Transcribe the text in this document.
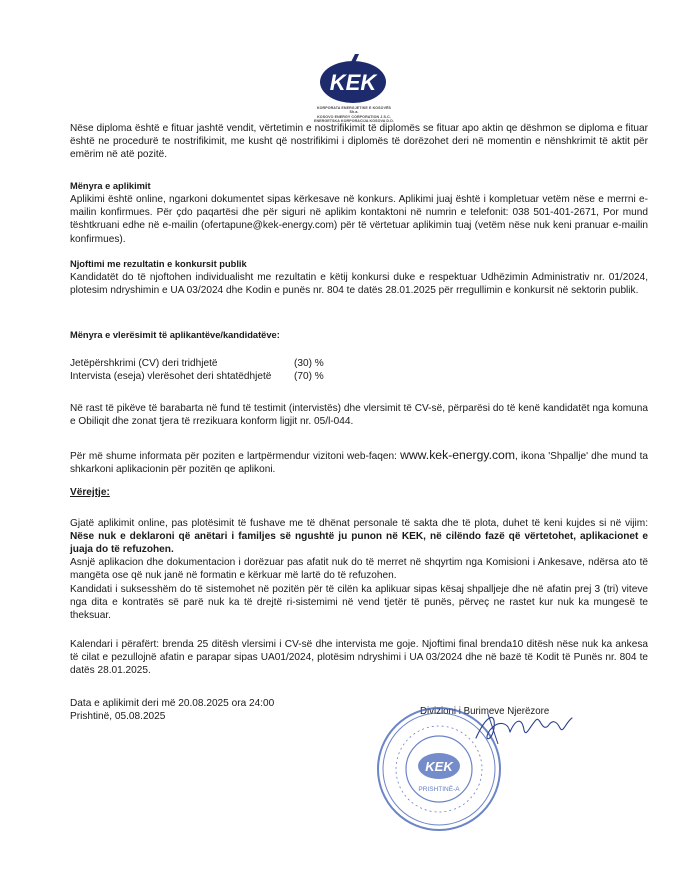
KEK
KORPORATA ENERGJETIKE E KOSOVËS Sh.a.
KOSOVO ENERGY CORPORATION J.S.C.
ENERGETSKA KORPORACIJA KOSOVA D.D.

Nëse diploma është e fituar jashtë vendit, vërtetimin e nostrifikimit të diplomës se fituar apo aktin qe dëshmon se diploma e fituar është ne procedurë te nostrifikimit, me kusht që nostrifikimi i diplomës të dorëzohet deri në momentin e nënshkrimit të aktit për emërim në atë pozitë.

Mënyra e aplikimit

Aplikimi është online, ngarkoni dokumentet sipas kërkesave në konkurs. Aplikimi juaj është i kompletuar vetëm nëse e merrni e-mailin konfirmues. Për çdo paqartësi dhe për siguri në aplikim kontaktoni në numrin e telefonit: 038 501-401-2671, Por mund tështkruani edhe në e-mailin (ofertapune@kek-energy.com) për të vërtetuar aplikimin tuaj (vetëm nëse nuk keni pranuar e-mailin konfirmues).

Njoftimi me rezultatin e konkursit publik

Kandidatët do të njoftohen individualisht me rezultatin e këtij konkursi duke e respektuar Udhëzimin Administrativ nr. 01/2024, plotesim ndryshimin e UA 03/2024 dhe Kodin e punës nr. 804 te datës 28.01.2025 për rregullimin e konkursit në sektorin publik.

Mënyra e vlerësimit të aplikantëve/kandidatëve:

Jetëpërshkrimi (CV) deri tridhjetë	(30) %
Intervista (eseja) vlerësohet deri shtatëdhjetë (70) %

Në rast të pikëve të barabarta në fund të testimit (intervistës) dhe vlersimit të CV-së, përparësi do të kenë kandidatët nga komuna e Obiliqit dhe zonat tjera të rrezikuara konform ligjit nr. 05/l-044.

Për më shume informata për poziten e lartpërmendur vizitoni web-faqen: www.kek-energy.com, ikona 'Shpallje' dhe mund ta shkarkoni aplikacionin për pozitën qe aplikoni.

Vërejtje:

Gjatë aplikimit online, pas plotësimit të fushave me të dhënat personale të sakta dhe të plota, duhet të keni kujdes si në vijim: Nëse nuk e deklaroni që anëtari i familjes së ngushtë ju punon në KEK, në cilëndo fazë që vërtetohet, aplikacionet e juaja do të refuzohen.

Asnjë aplikacion dhe dokumentacion i dorëzuar pas afatit nuk do të merret në shqyrtim nga Komisioni i Ankesave, ndërsa ato të mangëta ose që nuk janë në formatin e kërkuar më lartë do të refuzohen.

Kandidati i suksesshëm do të sistemohet në pozitën për të cilën ka aplikuar sipas kësaj shpalljeje dhe në afatin prej 3 (tri) viteve nga dita e kontratës së parë nuk ka të drejtë ri-sistemimi në vend tjetër të punës, përveç ne rastet kur nuk ka mungesë te theksuar.

Kalendari i përafërt: brenda 25 ditësh vlersimi i CV-së dhe intervista me goje. Njoftimi final brenda10 ditësh nëse nuk ka ankesa të cilat e pezullojnë afatin e parapar sipas UA01/2024, plotësim ndryshimi i UA 03/2024 dhe në bazë të Kodit të Punës nr. 804 te datës 28.01.2025.

Data e aplikimit deri më 20.08.2025 ora 24:00

Prishtinë, 05.08.2025	Divizioni i Burimeve Njerëzore
KEK
PRISHTINË-A
